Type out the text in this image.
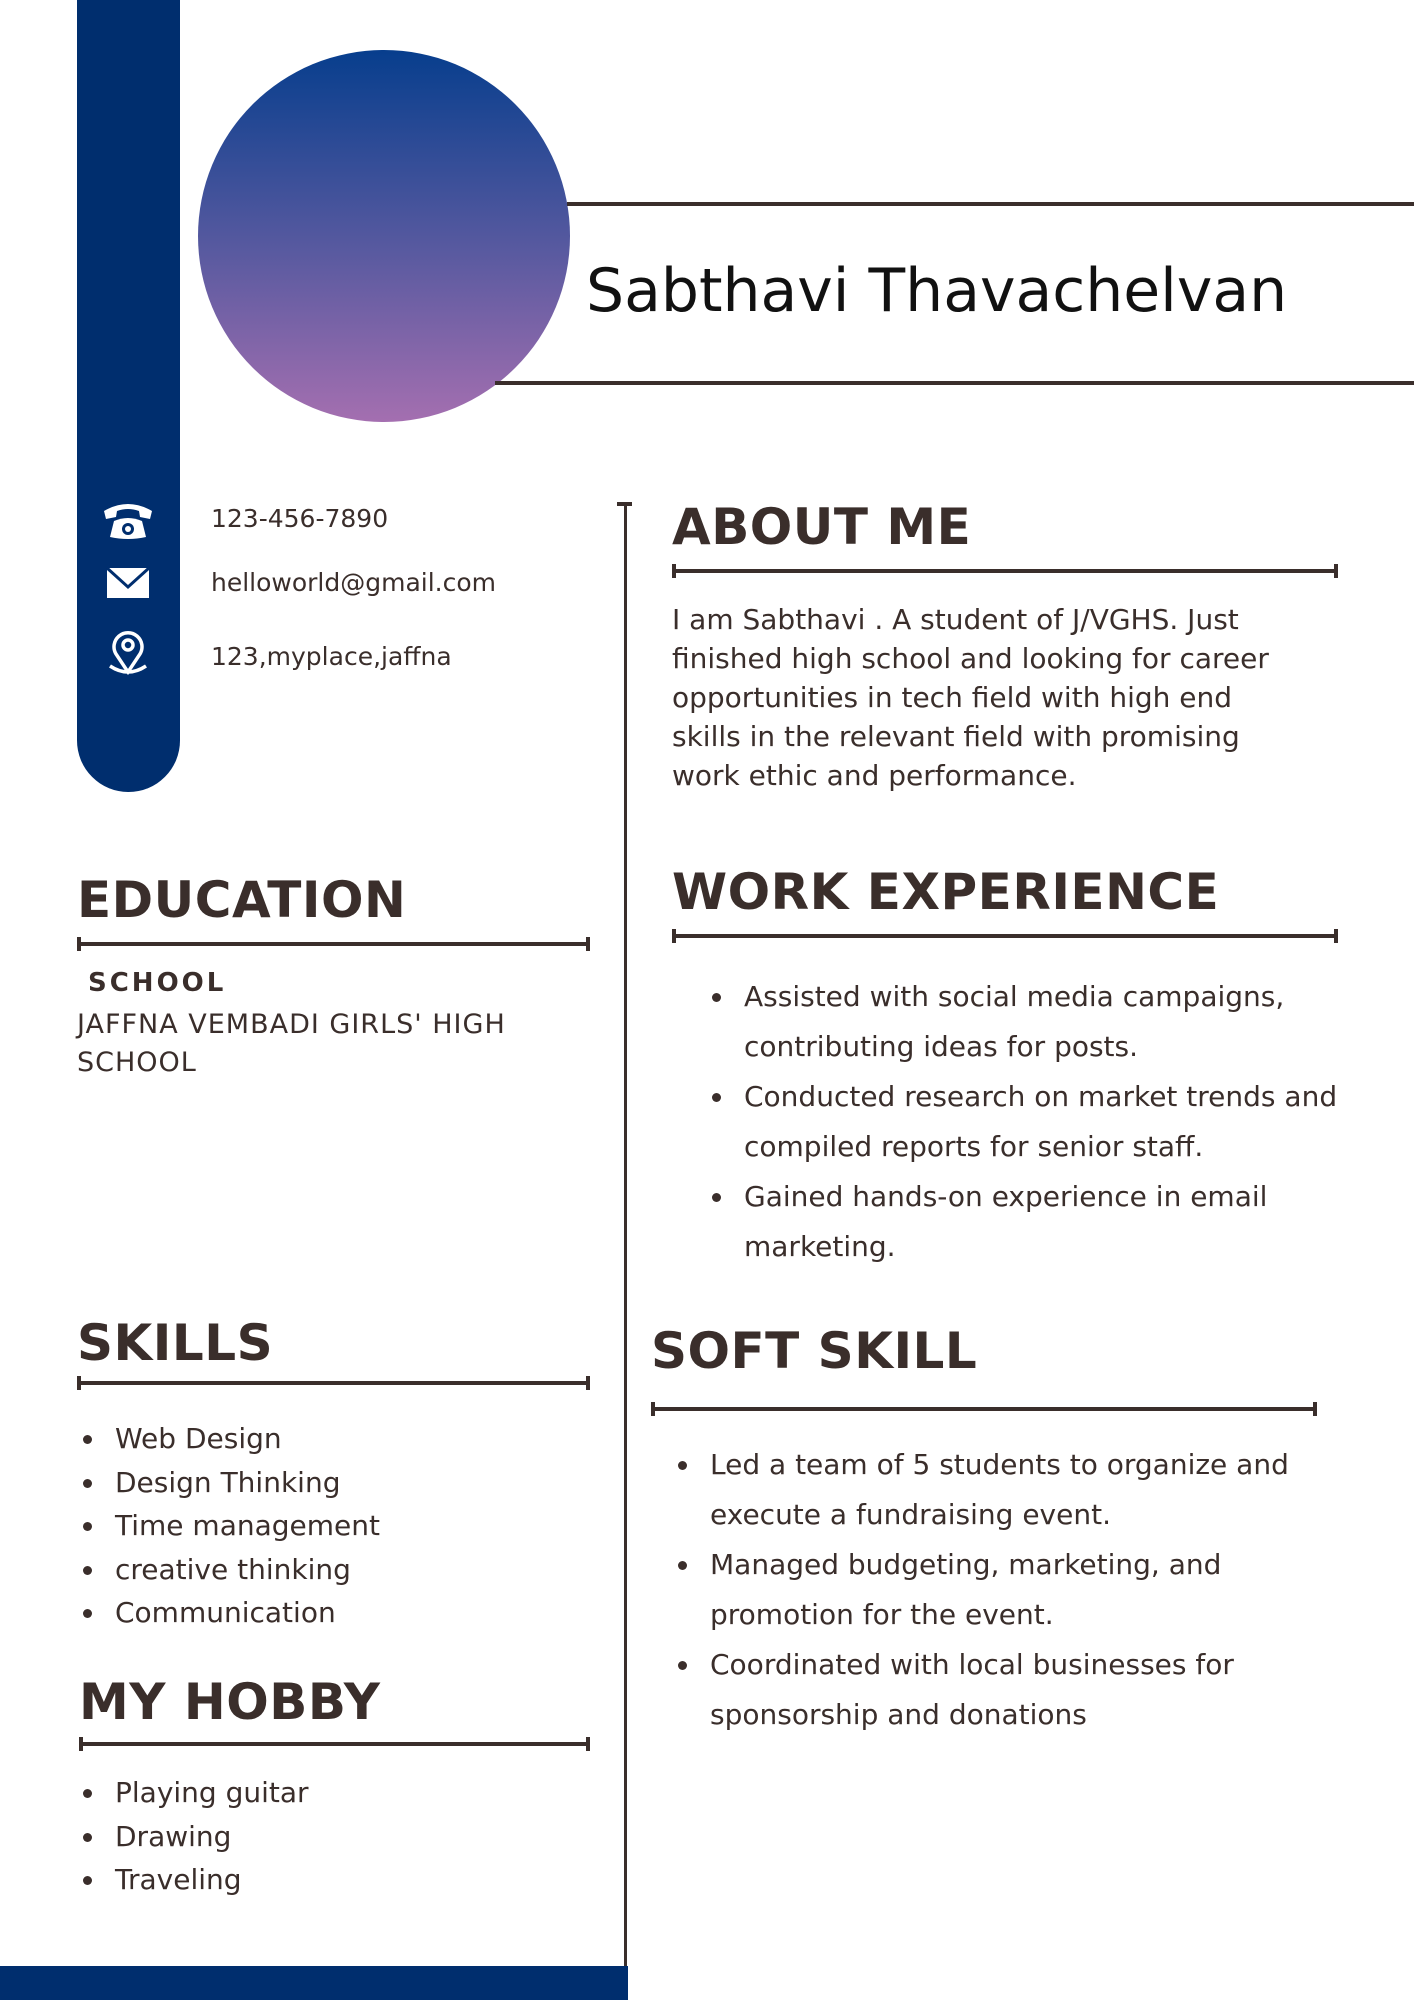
Sabthavi Thavachelvan
123-456-7890
helloworld@gmail.com
123,myplace,jaffna
ABOUT ME
I am Sabthavi . A student of J/VGHS. Just
finished high school and looking for career
opportunities in tech field with high end
skills in the relevant field with promising
work ethic and performance.
EDUCATION
SCHOOL
JAFFNA VEMBADI GIRLS' HIGH
SCHOOL
WORK EXPERIENCE
Assisted with social media campaigns,
contributing ideas for posts.
Conducted research on market trends and
compiled reports for senior staff.
Gained hands-on experience in email
marketing.
SKILLS
Web Design
Design Thinking
Time management
creative thinking
Communication
SOFT SKILL
Led a team of 5 students to organize and
execute a fundraising event.
Managed budgeting, marketing, and
promotion for the event.
Coordinated with local businesses for
sponsorship and donations
MY HOBBY
Playing guitar
Drawing
Traveling
